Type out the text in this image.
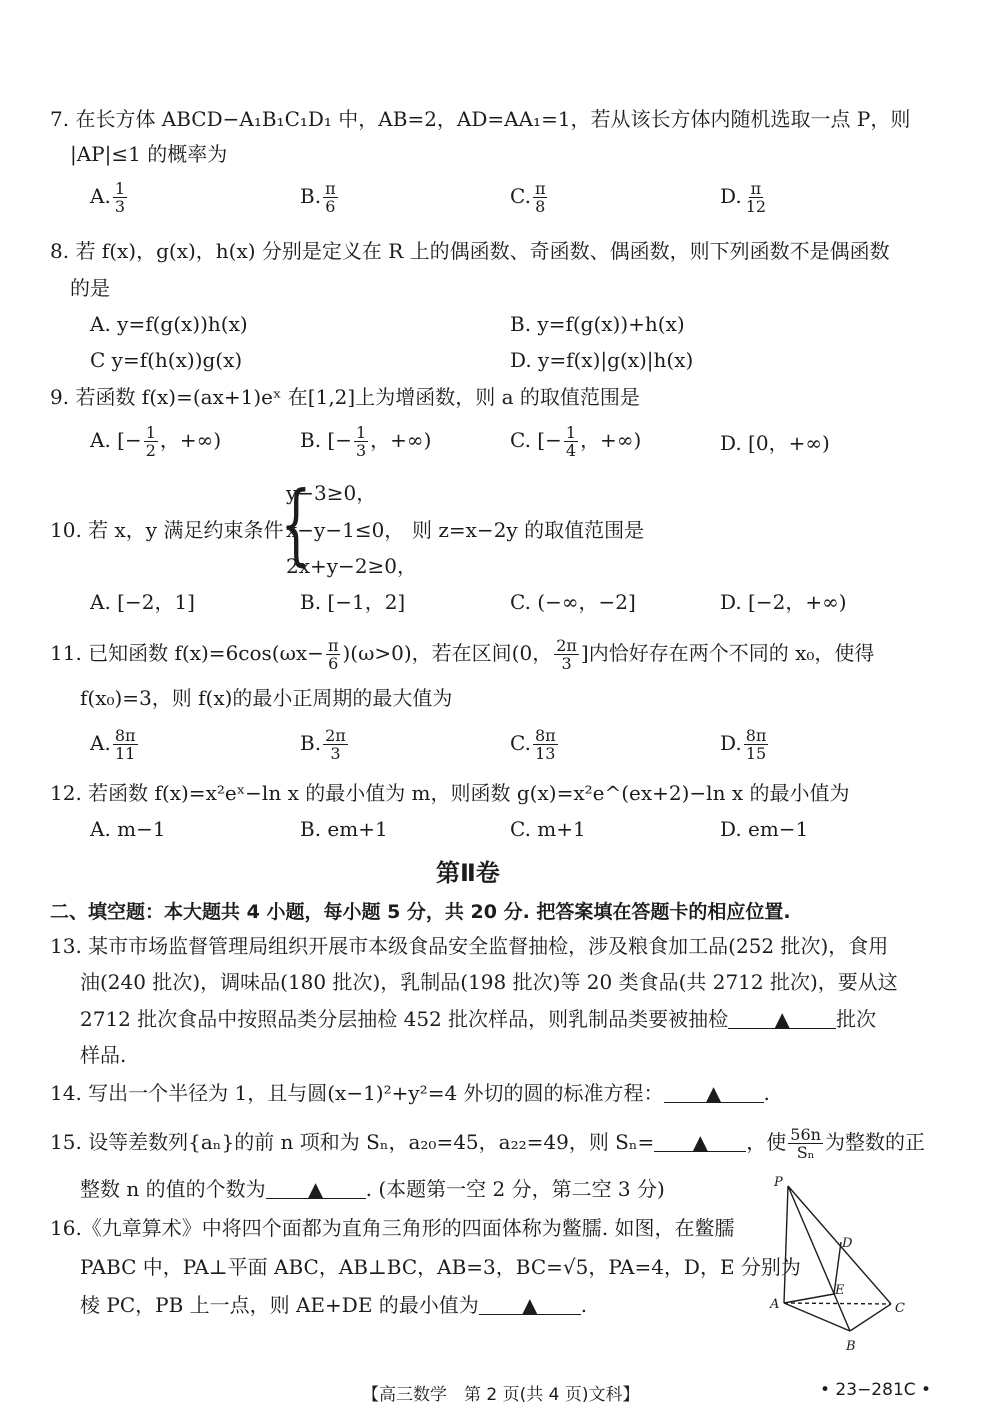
7. 在长方体 ABCD−A₁B₁C₁D₁ 中，AB=2，AD=AA₁=1，若从该长方体内随机选取一点 P，则
|AP|≤1 的概率为
A. $\frac{1}{3}$	B. $\frac{\pi}{6}$	C. $\frac{\pi}{8}$	D. $\frac{\pi}{12}$
8. 若 f(x)，g(x)，h(x) 分别是定义在 R 上的偶函数、奇函数、偶函数，则下列函数不是偶函数
的是
A. y=f(g(x))h(x)	B. y=f(g(x))+h(x)
C y=f(h(x))g(x)	D. y=f(x)|g(x)|h(x)
9. 若函数 f(x)=(ax+1)eˣ 在[1,2]上为增函数，则 a 的取值范围是
A. [− $\frac{1}{2}$ ，+∞)	B. [− $\frac{1}{3}$ ，+∞)	C. [− $\frac{1}{4}$ ，+∞)	D. [0，+∞)
10. 若 x，y 满足约束条件
{
y−3≥0，
x−y−1≤0，
2x+y−2≥0，
则 z=x−2y 的取值范围是
A. [−2，1]	B. [−1，2]	C. (−∞，−2]	D. [−2，+∞)
11. 已知函数 $f(x)=6\cos(\omega x- \frac{\pi}{6} )(\omega>0)$，若在区间(0， $\frac{2\pi}{3}$ ]内恰好存在两个不同的 x₀，使得
f(x₀)=3，则 f(x)的最小正周期的最大值为
A. $\frac{8\pi}{11}$	B. $\frac{2\pi}{3}$	C. $\frac{8\pi}{13}$	D. $\frac{8\pi}{15}$
12. 若函数 f(x)=x²eˣ−ln x 的最小值为 m，则函数 g(x)=x²e^(ex+2)−ln x 的最小值为
A. m−1	B. em+1	C. m+1	D. em−1
第Ⅱ卷
二、填空题：本大题共 4 小题，每小题 5 分，共 20 分. 把答案填在答题卡的相应位置.
13. 某市市场监督管理局组织开展市本级食品安全监督抽检，涉及粮食加工品(252 批次)，食用
油(240 批次)，调味品(180 批次)，乳制品(198 批次)等 20 类食品(共 2712 批次)，要从这
2712 批次食品中按照品类分层抽检 452 批次样品，则乳制品类要被抽检 ▲ 批次
样品.
14. 写出一个半径为 1，且与圆(x−1)²+y²=4 外切的圆的标准方程： ▲ .
15. 设等差数列{aₙ}的前 n 项和为 Sₙ，a₂₀=45，a₂₂=49，则 Sₙ= ▲ ，使 $\frac{56n}{\text{Sₙ}}$ 为整数的正
整数 n 的值的个数为 ▲ . (本题第一空 2 分，第二空 3 分)
16.《九章算术》中将四个面都为直角三角形的四面体称为鳖臑. 如图，在鳖臑
PABC 中，PA⊥平面 ABC，AB⊥BC，AB=3，BC=√5，PA=4，D，E 分别为
棱 PC，PB 上一点，则 AE+DE 的最小值为 ▲ .
P
A
B
C
D
E
【高三数学　第 2 页(共 4 页)文科】	• 23−281C •
